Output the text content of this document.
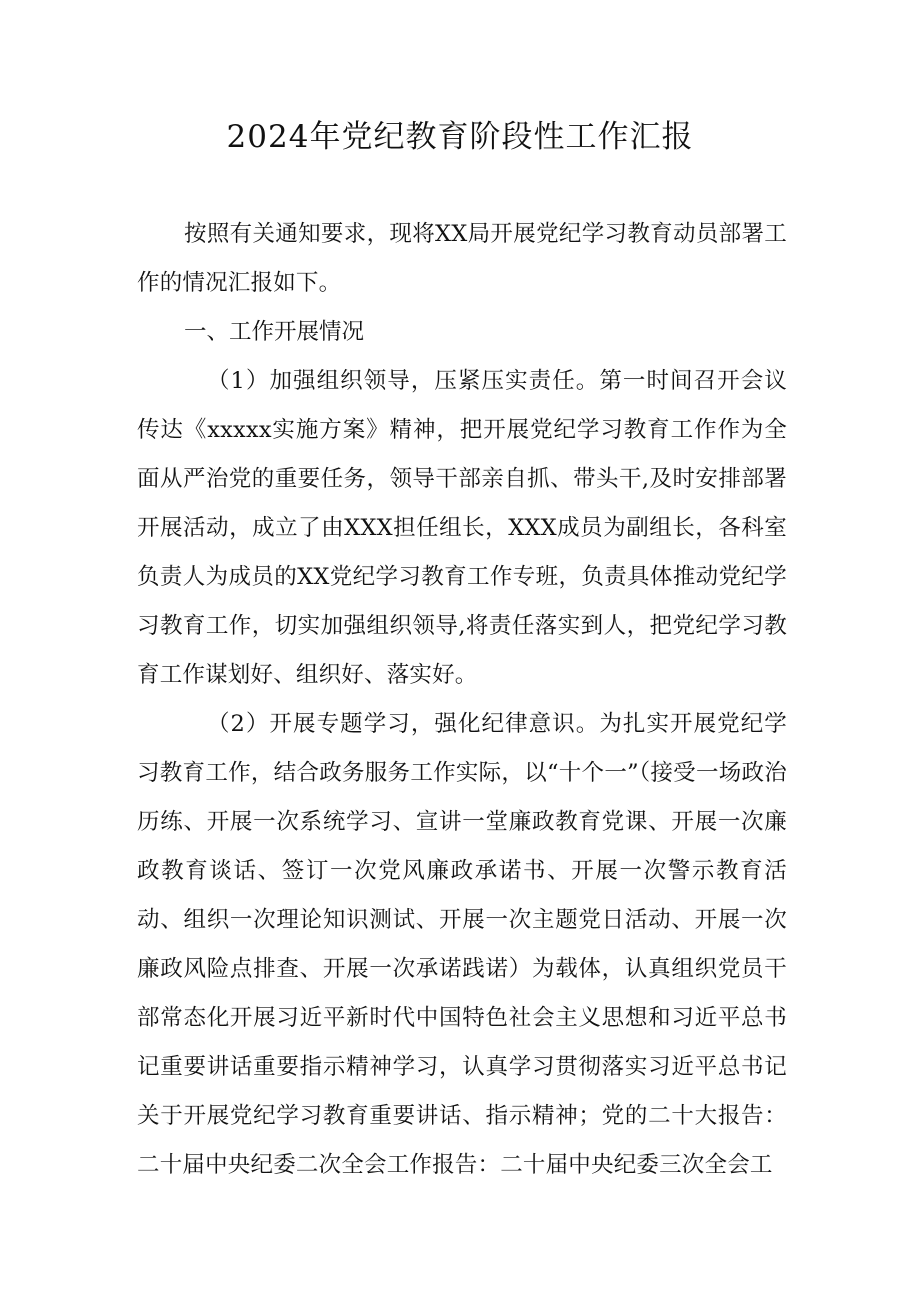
2024年党纪教育阶段性工作汇报

按照有关通知要求，现将XX局开展党纪学习教育动员部署工作的情况汇报如下。

一、工作开展情况

（1）加强组织领导，压紧压实责任。第一时间召开会议传达《xxxxx实施方案》精神，把开展党纪学习教育工作作为全面从严治党的重要任务，领导干部亲自抓、带头干,及时安排部署开展活动，成立了由XXX担任组长，XXX成员为副组长，各科室负责人为成员的XX党纪学习教育工作专班，负责具体推动党纪学习教育工作，切实加强组织领导,将责任落实到人，把党纪学习教育工作谋划好、组织好、落实好。

（2）开展专题学习，强化纪律意识。为扎实开展党纪学习教育工作，结合政务服务工作实际，以“十个一”（接受一场政治历练、开展一次系统学习、宣讲一堂廉政教育党课、开展一次廉政教育谈话、签订一次党风廉政承诺书、开展一次警示教育活动、组织一次理论知识测试、开展一次主题党日活动、开展一次廉政风险点排查、开展一次承诺践诺）为载体，认真组织党员干部常态化开展习近平新时代中国特色社会主义思想和习近平总书记重要讲话重要指示精神学习，认真学习贯彻落实习近平总书记关于开展党纪学习教育重要讲话、指示精神；党的二十大报告：二十届中央纪委二次全会工作报告：二十届中央纪委三次全会工
